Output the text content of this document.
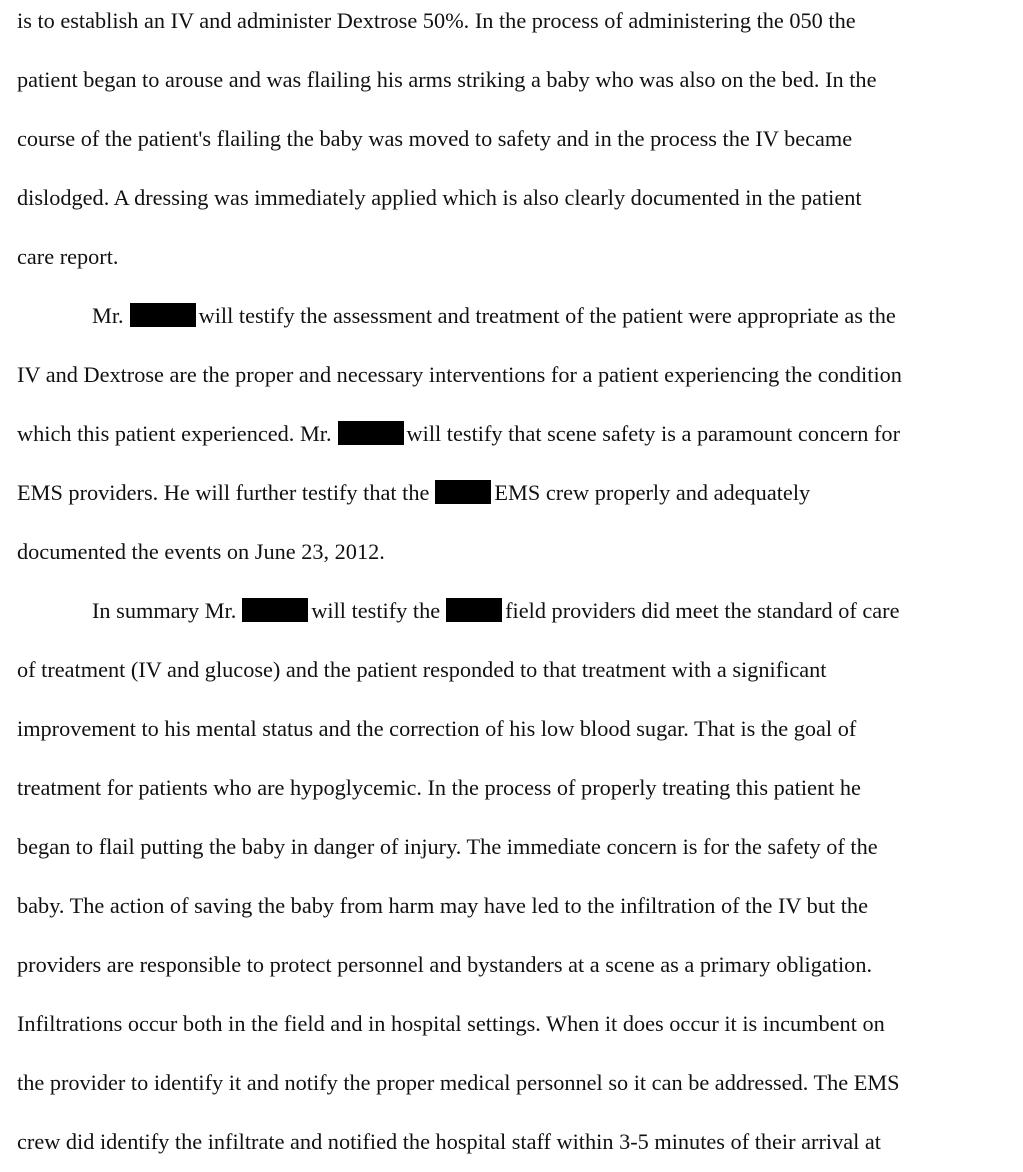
is to establish an IV and administer Dextrose 50%. In the process of administering the 050 the
patient began to arouse and was flailing his arms striking a baby who was also on the bed. In the
course of the patient's flailing the baby was moved to safety and in the process the IV became
dislodged. A dressing was immediately applied which is also clearly documented in the patient
care report.
Mr.	will testify the assessment and treatment of the patient were appropriate as the
IV and Dextrose are the proper and necessary interventions for a patient experiencing the condition
which this patient experienced. Mr.	will testify that scene safety is a paramount concern for
EMS providers. He will further testify that the	EMS crew properly and adequately
documented the events on June 23, 2012.
In summary Mr.	will testify the	field providers did meet the standard of care
of treatment (IV and glucose) and the patient responded to that treatment with a significant
improvement to his mental status and the correction of his low blood sugar. That is the goal of
treatment for patients who are hypoglycemic. In the process of properly treating this patient he
began to flail putting the baby in danger of injury. The immediate concern is for the safety of the
baby. The action of saving the baby from harm may have led to the infiltration of the IV but the
providers are responsible to protect personnel and bystanders at a scene as a primary obligation.
Infiltrations occur both in the field and in hospital settings. When it does occur it is incumbent on
the provider to identify it and notify the proper medical personnel so it can be addressed. The EMS
crew did identify the infiltrate and notified the hospital staff within 3-5 minutes of their arrival at
